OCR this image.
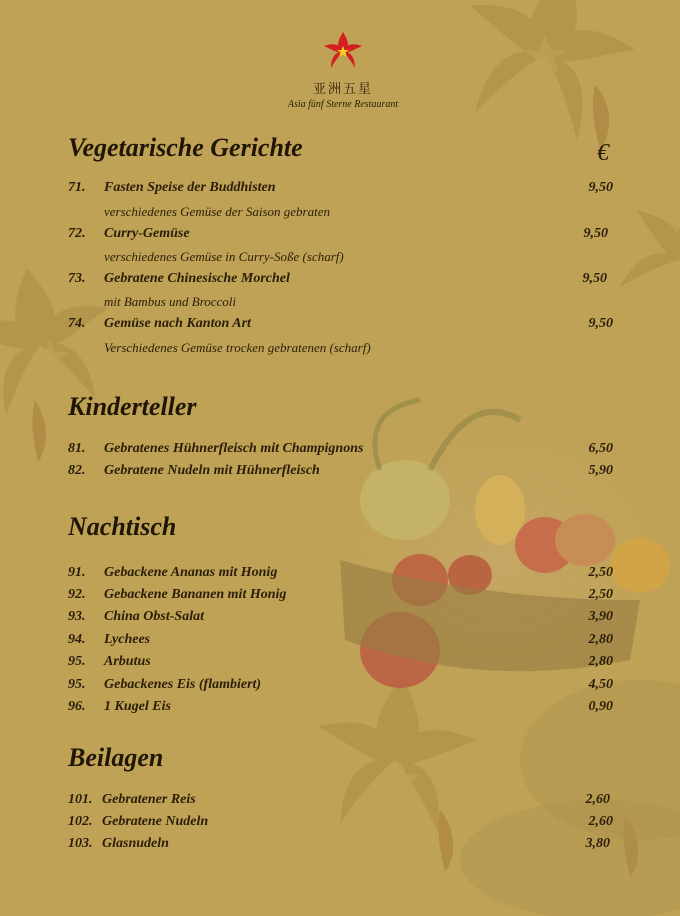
亚洲五星
Asia fünf Sterne Restaurant
Vegetarische Gerichte	€
71. Fasten Speise der Buddhisten	9,50
verschiedenes Gemüse der Saison gebraten
72. Curry-Gemüse	9,50
verschiedenes Gemüse in Curry-Soße (scharf)
73. Gebratene Chinesische Morchel	9,50
mit Bambus und Broccoli
74. Gemüse nach Kanton Art	9,50
Verschiedenes Gemüse trocken gebratenen (scharf)
Kinderteller
81. Gebratenes Hühnerfleisch mit Champignons	6,50
82. Gebratene Nudeln mit Hühnerfleisch	5,90
Nachtisch
91. Gebackene Ananas mit Honig	2,50
92. Gebackene Bananen mit Honig	2,50
93. China Obst-Salat	3,90
94. Lychees	2,80
95. Arbutus	2,80
95. Gebackenes Eis (flambiert)	4,50
96. 1 Kugel Eis	0,90
Beilagen
101. Gebratener Reis	2,60
102. Gebratene Nudeln	2,60
103. Glasnudeln	3,80
